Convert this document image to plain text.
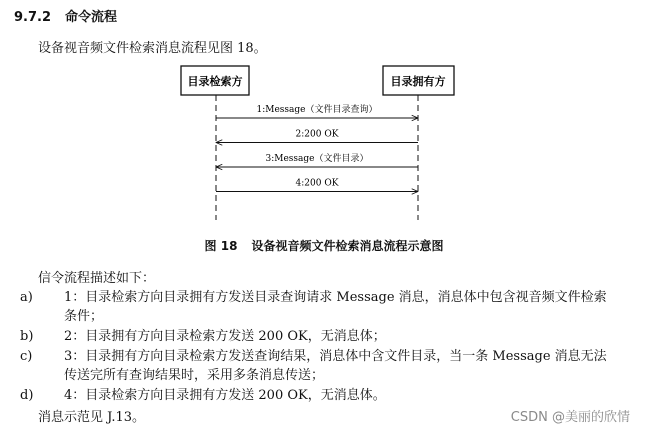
9.7.2 命令流程
设备视音频文件检索消息流程见图 18。
目录检索方	目录拥有方
1:Message（文件目录查询）
2:200 OK
3:Message（文件目录）
4:200 OK
图 18 设备视音频文件检索消息流程示意图
信令流程描述如下：
a)	1：目录检索方向目录拥有方发送目录查询请求 Message 消息，消息体中包含视音频文件检索
条件；
b)	2：目录拥有方向目录检索方发送 200 OK，无消息体；
c)	3：目录拥有方向目录检索方发送查询结果，消息体中含文件目录，当一条 Message 消息无法
传送完所有查询结果时，采用多条消息传送；
d)	4：目录检索方向目录拥有方发送 200 OK，无消息体。
消息示范见 J.13。	CSDN @美丽的欣情
